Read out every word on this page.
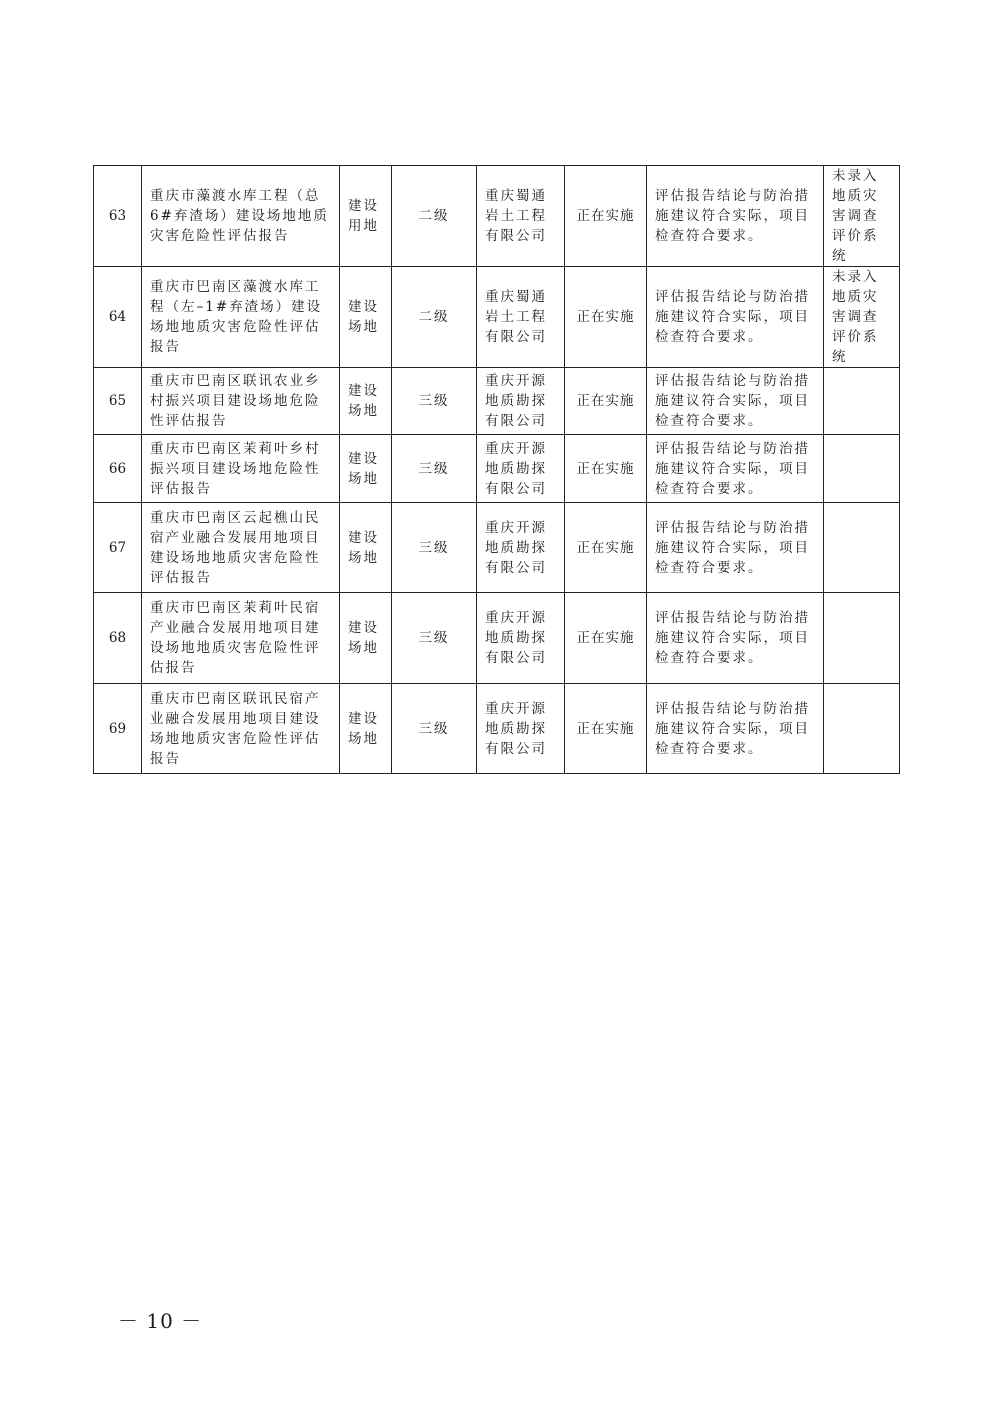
63	重庆市藻渡水库工程（总 6#弃渣场）建设场地地质灾害危险性评估报告	建设用地	二级	重庆蜀通岩土工程有限公司	正在实施	评估报告结论与防治措施建议符合实际，项目检查符合要求。	未录入地质灾害调查评价系统
64	重庆市巴南区藻渡水库工程（左–1#弃渣场）建设场地地质灾害危险性评估报告	建设场地	二级	重庆蜀通岩土工程有限公司	正在实施	评估报告结论与防治措施建议符合实际，项目检查符合要求。	未录入地质灾害调查评价系统
65	重庆市巴南区联讯农业乡村振兴项目建设场地危险性评估报告	建设场地	三级	重庆开源地质勘探有限公司	正在实施	评估报告结论与防治措施建议符合实际，项目检查符合要求。	
66	重庆市巴南区茉莉叶乡村振兴项目建设场地危险性评估报告	建设场地	三级	重庆开源地质勘探有限公司	正在实施	评估报告结论与防治措施建议符合实际，项目检查符合要求。	
67	重庆市巴南区云起樵山民宿产业融合发展用地项目建设场地地质灾害危险性评估报告	建设场地	三级	重庆开源地质勘探有限公司	正在实施	评估报告结论与防治措施建议符合实际，项目检查符合要求。	
68	重庆市巴南区茉莉叶民宿产业融合发展用地项目建设场地地质灾害危险性评估报告	建设场地	三级	重庆开源地质勘探有限公司	正在实施	评估报告结论与防治措施建议符合实际，项目检查符合要求。	
69	重庆市巴南区联讯民宿产业融合发展用地项目建设场地地质灾害危险性评估报告	建设场地	三级	重庆开源地质勘探有限公司	正在实施	评估报告结论与防治措施建议符合实际，项目检查符合要求。	
－ 10 －
